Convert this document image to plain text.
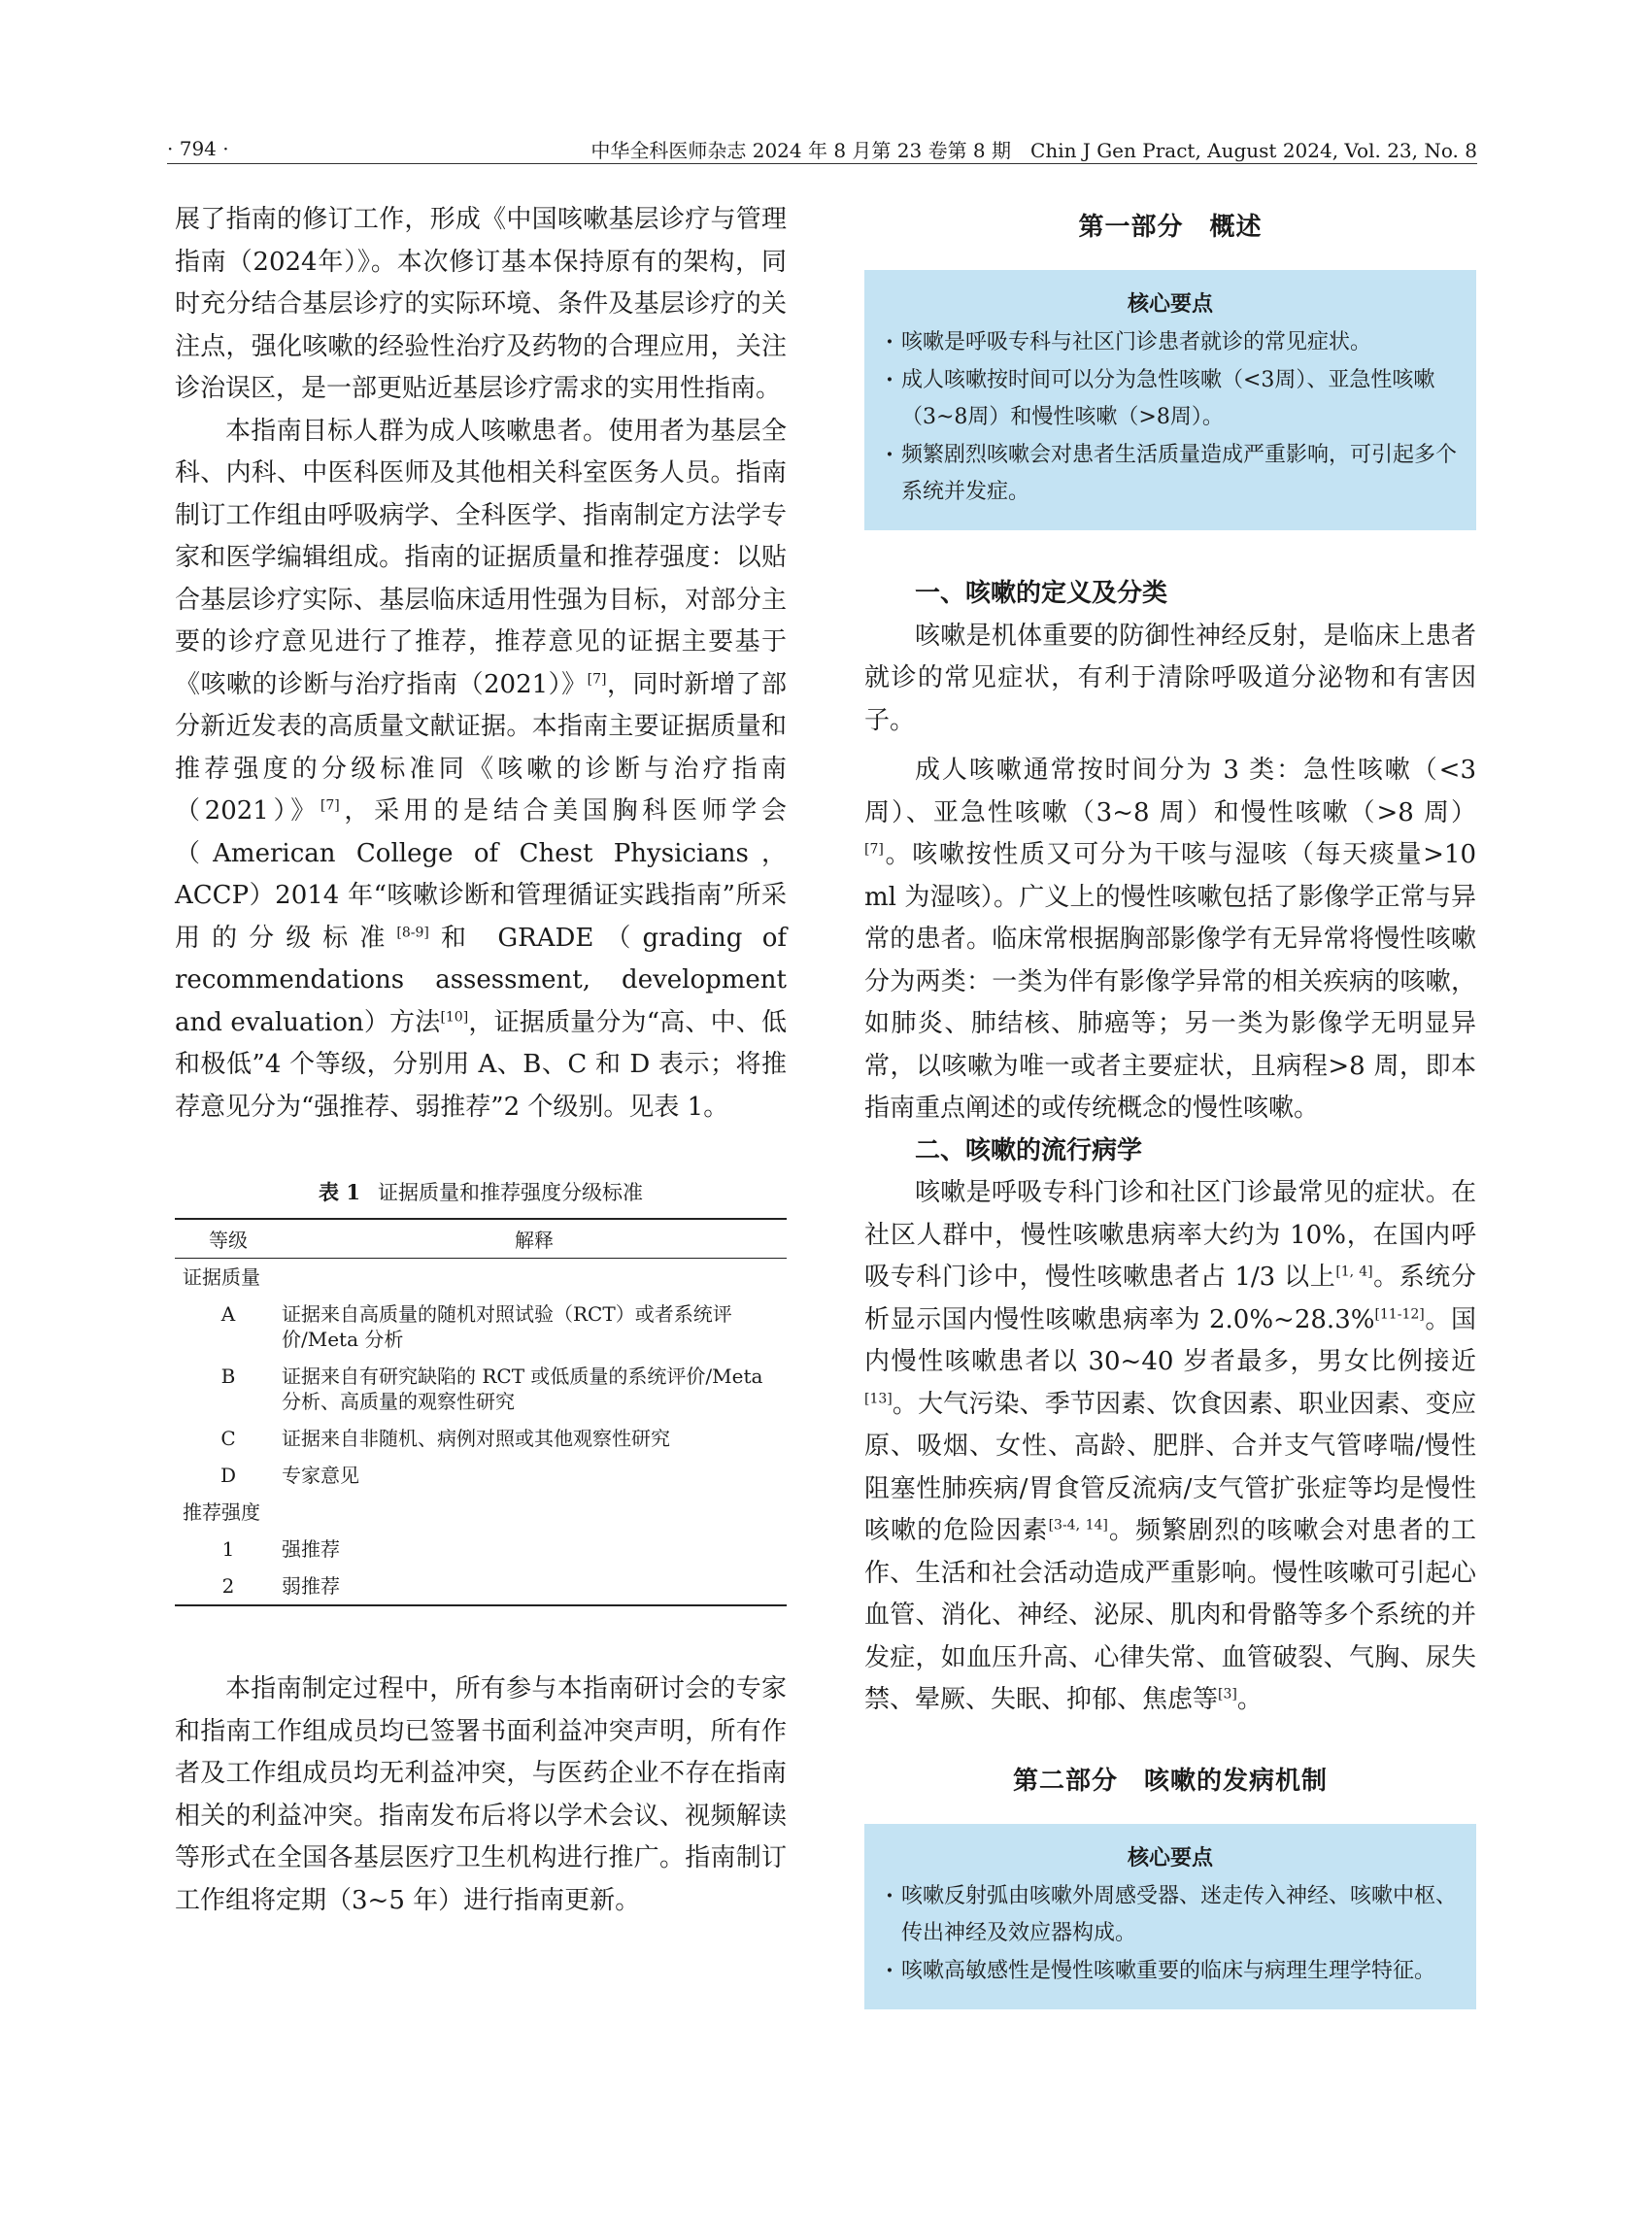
· 794 ·	中华全科医师杂志 2024 年 8 月第 23 卷第 8 期　Chin J Gen Pract, August 2024, Vol. 23, No. 8

展了指南的修订工作，形成《中国咳嗽基层诊疗与管理指南（2024年）》。本次修订基本保持原有的架构，同时充分结合基层诊疗的实际环境、条件及基层诊疗的关注点，强化咳嗽的经验性治疗及药物的合理应用，关注诊治误区，是一部更贴近基层诊疗需求的实用性指南。

本指南目标人群为成人咳嗽患者。使用者为基层全科、内科、中医科医师及其他相关科室医务人员。指南制订工作组由呼吸病学、全科医学、指南制定方法学专家和医学编辑组成。指南的证据质量和推荐强度：以贴合基层诊疗实际、基层临床适用性强为目标，对部分主要的诊疗意见进行了推荐，推荐意见的证据主要基于《咳嗽的诊断与治疗指南（2021）》[7]，同时新增了部分新近发表的高质量文献证据。本指南主要证据质量和推荐强度的分级标准同《咳嗽的诊断与治疗指南（2021）》[7]，采用的是结合美国胸科医师学会（American College of Chest Physicians，ACCP）2014 年“咳嗽诊断和管理循证实践指南”所采用的分级标准[8-9]和 GRADE（grading of recommendations assessment, development and evaluation）方法[10]，证据质量分为“高、中、低和极低”4 个等级，分别用 A、B、C 和 D 表示；将推荐意见分为“强推荐、弱推荐”2 个级别。见表 1。

表 1 证据质量和推荐强度分级标准
等级	解释
证据质量	
A	证据来自高质量的随机对照试验（RCT）或者系统评价/Meta 分析
B	证据来自有研究缺陷的 RCT 或低质量的系统评价/Meta 分析、高质量的观察性研究
C	证据来自非随机、病例对照或其他观察性研究
D	专家意见
推荐强度	
1	强推荐
2	弱推荐

本指南制定过程中，所有参与本指南研讨会的专家和指南工作组成员均已签署书面利益冲突声明，所有作者及工作组成员均无利益冲突，与医药企业不存在指南相关的利益冲突。指南发布后将以学术会议、视频解读等形式在全国各基层医疗卫生机构进行推广。指南制订工作组将定期（3~5 年）进行指南更新。

第一部分　概述
核心要点
· 咳嗽是呼吸专科与社区门诊患者就诊的常见症状。
· 成人咳嗽按时间可以分为急性咳嗽（<3周）、亚急性咳嗽（3~8周）和慢性咳嗽（>8周）。
· 频繁剧烈咳嗽会对患者生活质量造成严重影响，可引起多个系统并发症。

一、咳嗽的定义及分类

咳嗽是机体重要的防御性神经反射，是临床上患者就诊的常见症状，有利于清除呼吸道分泌物和有害因子。

成人咳嗽通常按时间分为 3 类：急性咳嗽（<3 周）、亚急性咳嗽（3~8 周）和慢性咳嗽（>8 周）[7]。咳嗽按性质又可分为干咳与湿咳（每天痰量>10 ml 为湿咳）。广义上的慢性咳嗽包括了影像学正常与异常的患者。临床常根据胸部影像学有无异常将慢性咳嗽分为两类：一类为伴有影像学异常的相关疾病的咳嗽，如肺炎、肺结核、肺癌等；另一类为影像学无明显异常，以咳嗽为唯一或者主要症状，且病程>8 周，即本指南重点阐述的或传统概念的慢性咳嗽。

二、咳嗽的流行病学

咳嗽是呼吸专科门诊和社区门诊最常见的症状。在社区人群中，慢性咳嗽患病率大约为 10%，在国内呼吸专科门诊中，慢性咳嗽患者占 1/3 以上[1, 4]。系统分析显示国内慢性咳嗽患病率为 2.0%~28.3%[11-12]。国内慢性咳嗽患者以 30~40 岁者最多，男女比例接近[13]。大气污染、季节因素、饮食因素、职业因素、变应原、吸烟、女性、高龄、肥胖、合并支气管哮喘/慢性阻塞性肺疾病/胃食管反流病/支气管扩张症等均是慢性咳嗽的危险因素[3-4, 14]。频繁剧烈的咳嗽会对患者的工作、生活和社会活动造成严重影响。慢性咳嗽可引起心血管、消化、神经、泌尿、肌肉和骨骼等多个系统的并发症，如血压升高、心律失常、血管破裂、气胸、尿失禁、晕厥、失眠、抑郁、焦虑等[3]。

第二部分　咳嗽的发病机制
核心要点
· 咳嗽反射弧由咳嗽外周感受器、迷走传入神经、咳嗽中枢、传出神经及效应器构成。
· 咳嗽高敏感性是慢性咳嗽重要的临床与病理生理学特征。
